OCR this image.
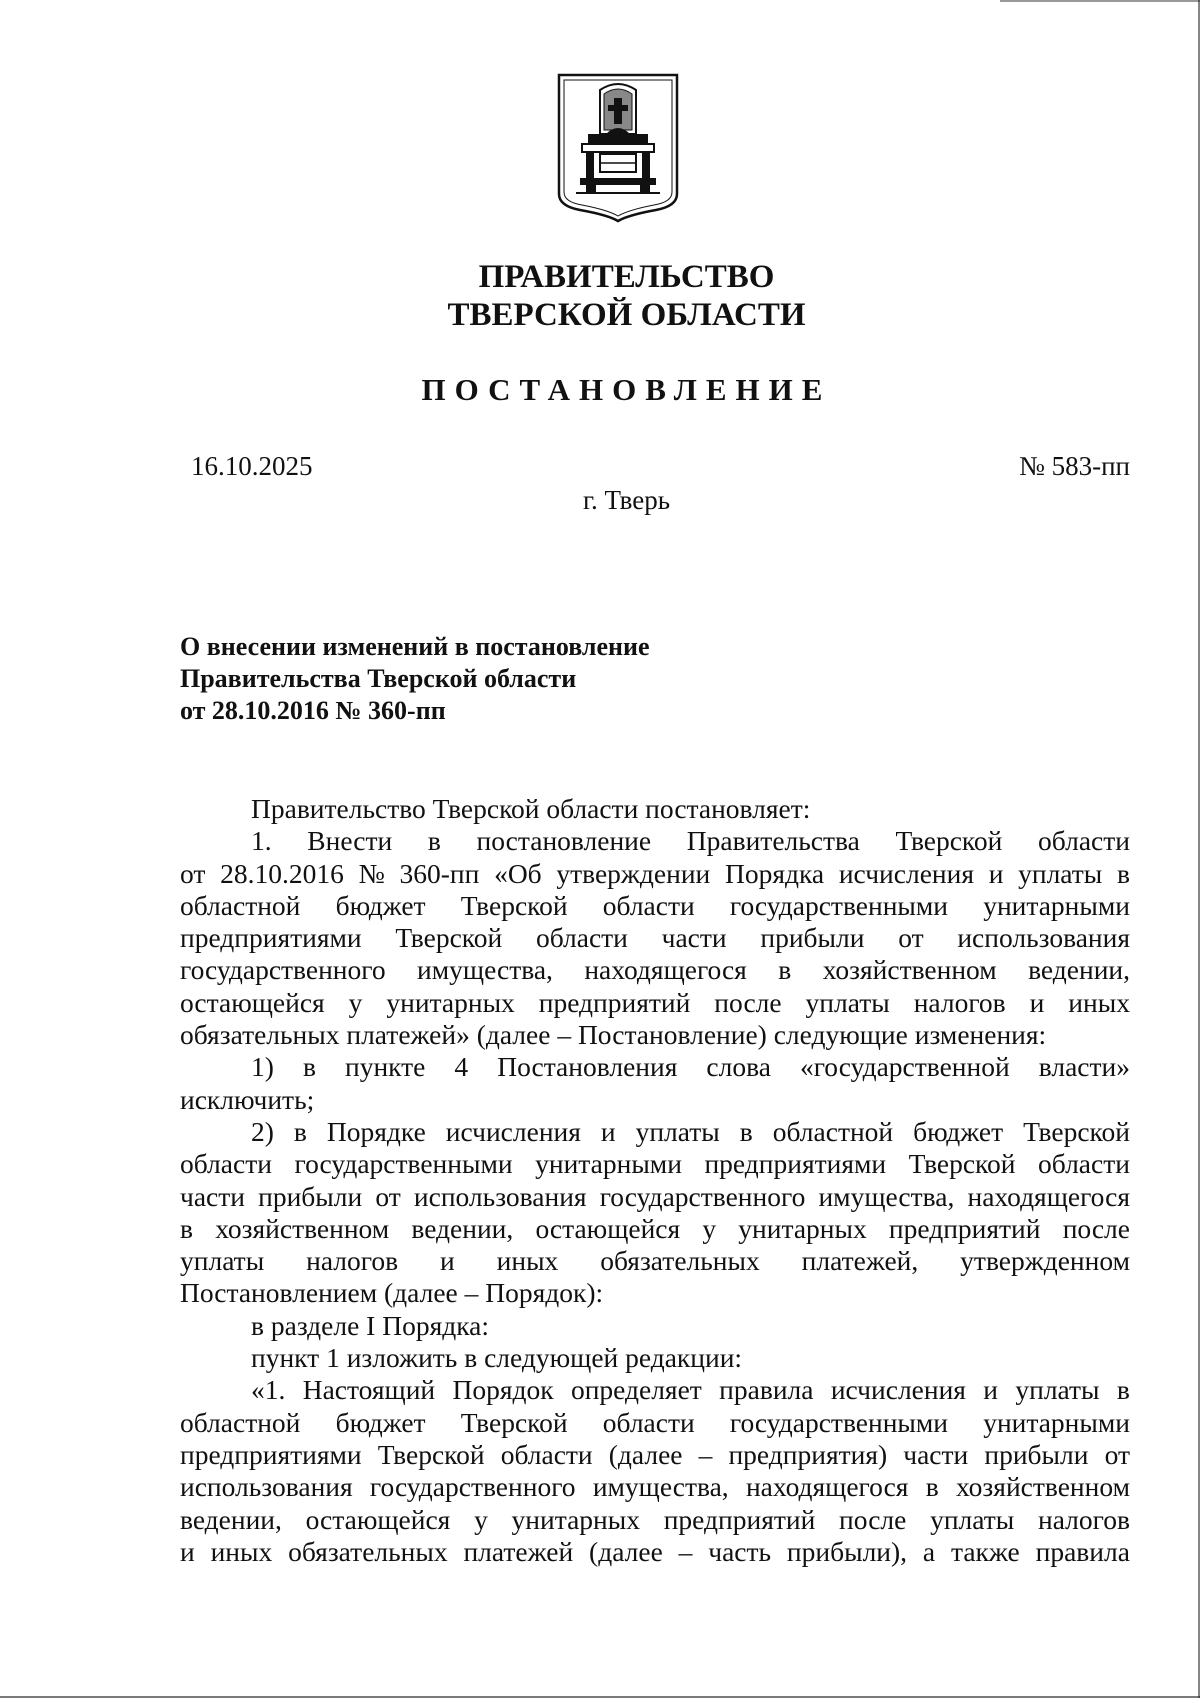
ПРАВИТЕЛЬСТВО
ТВЕРСКОЙ ОБЛАСТИ
ПОСТАНОВЛЕНИЕ
16.10.2025	№ 583-пп
г. Тверь
О внесении изменений в постановление
Правительства Тверской области
от 28.10.2016 № 360-пп
Правительство Тверской области постановляет:
1. Внести в постановление Правительства Тверской области
от 28.10.2016 № 360-пп «Об утверждении Порядка исчисления и уплаты в
областной бюджет Тверской области государственными унитарными
предприятиями Тверской области части прибыли от использования
государственного имущества, находящегося в хозяйственном ведении,
остающейся у унитарных предприятий после уплаты налогов и иных
обязательных платежей» (далее – Постановление) следующие изменения:
1) в пункте 4 Постановления слова «государственной власти»
исключить;
2) в Порядке исчисления и уплаты в областной бюджет Тверской
области государственными унитарными предприятиями Тверской области
части прибыли от использования государственного имущества, находящегося
в хозяйственном ведении, остающейся у унитарных предприятий после
уплаты налогов и иных обязательных платежей, утвержденном
Постановлением (далее – Порядок):
в разделе I Порядка:
пункт 1 изложить в следующей редакции:
«1. Настоящий Порядок определяет правила исчисления и уплаты в
областной бюджет Тверской области государственными унитарными
предприятиями Тверской области (далее – предприятия) части прибыли от
использования государственного имущества, находящегося в хозяйственном
ведении, остающейся у унитарных предприятий после уплаты налогов
и иных обязательных платежей (далее – часть прибыли), а также правила
